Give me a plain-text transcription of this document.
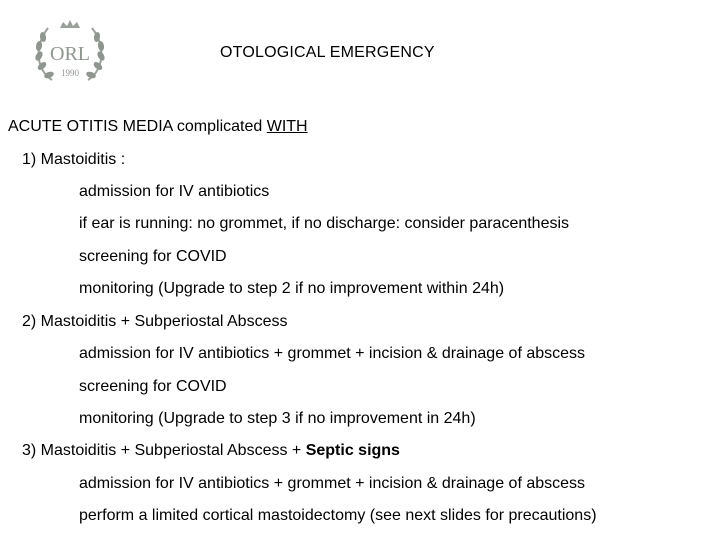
ORL
1990
OTOLOGICAL EMERGENCY
ACUTE OTITIS MEDIA complicated WITH
1) Mastoiditis :
admission for IV antibiotics
if ear is running: no grommet, if no discharge: consider paracenthesis
screening for COVID
monitoring (Upgrade to step 2 if no improvement within 24h)
2) Mastoiditis + Subperiostal Abscess
admission for IV antibiotics + grommet + incision & drainage of abscess
screening for COVID
monitoring (Upgrade to step 3 if no improvement in 24h)
3) Mastoiditis + Subperiostal Abscess + Septic signs
admission for IV antibiotics + grommet + incision & drainage of abscess
perform a limited cortical mastoidectomy (see next slides for precautions)
